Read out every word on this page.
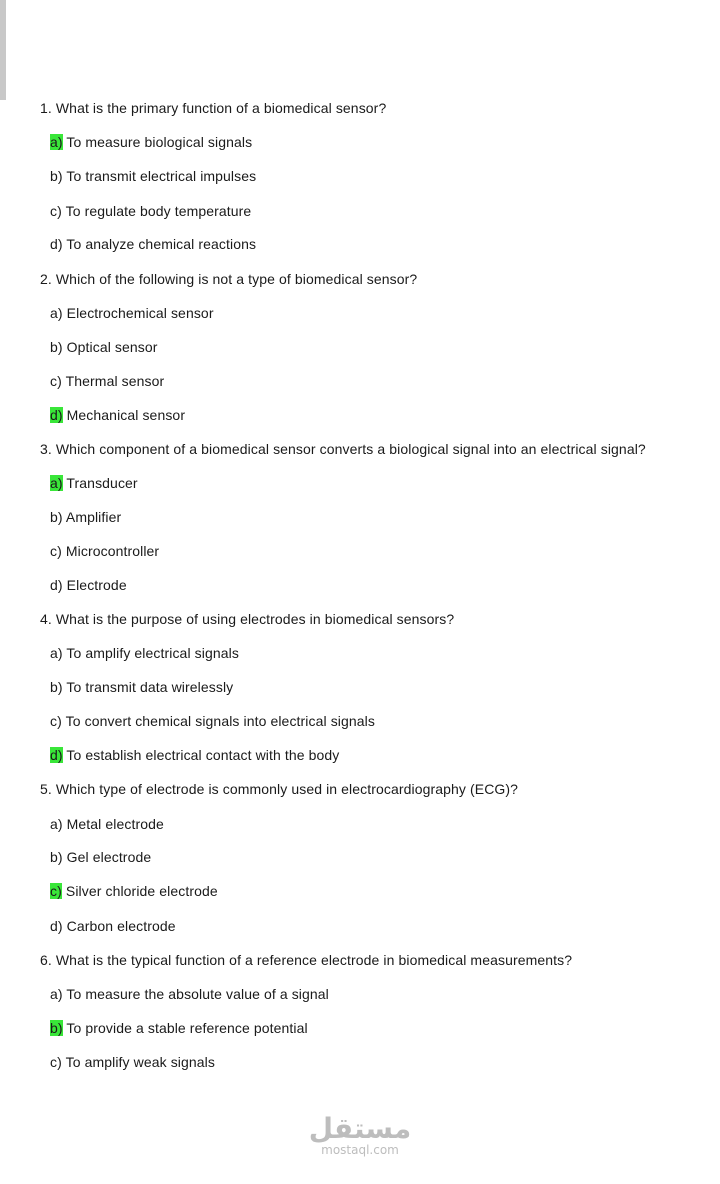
1. What is the primary function of a biomedical sensor?
a) To measure biological signals
b) To transmit electrical impulses
c) To regulate body temperature
d) To analyze chemical reactions
2. Which of the following is not a type of biomedical sensor?
a) Electrochemical sensor
b) Optical sensor
c) Thermal sensor
d) Mechanical sensor
3. Which component of a biomedical sensor converts a biological signal into an electrical signal?
a) Transducer
b) Amplifier
c) Microcontroller
d) Electrode
4. What is the purpose of using electrodes in biomedical sensors?
a) To amplify electrical signals
b) To transmit data wirelessly
c) To convert chemical signals into electrical signals
d) To establish electrical contact with the body
5. Which type of electrode is commonly used in electrocardiography (ECG)?
a) Metal electrode
b) Gel electrode
c) Silver chloride electrode
d) Carbon electrode
6. What is the typical function of a reference electrode in biomedical measurements?
a) To measure the absolute value of a signal
b) To provide a stable reference potential
c) To amplify weak signals
مستقل
mostaql.com
